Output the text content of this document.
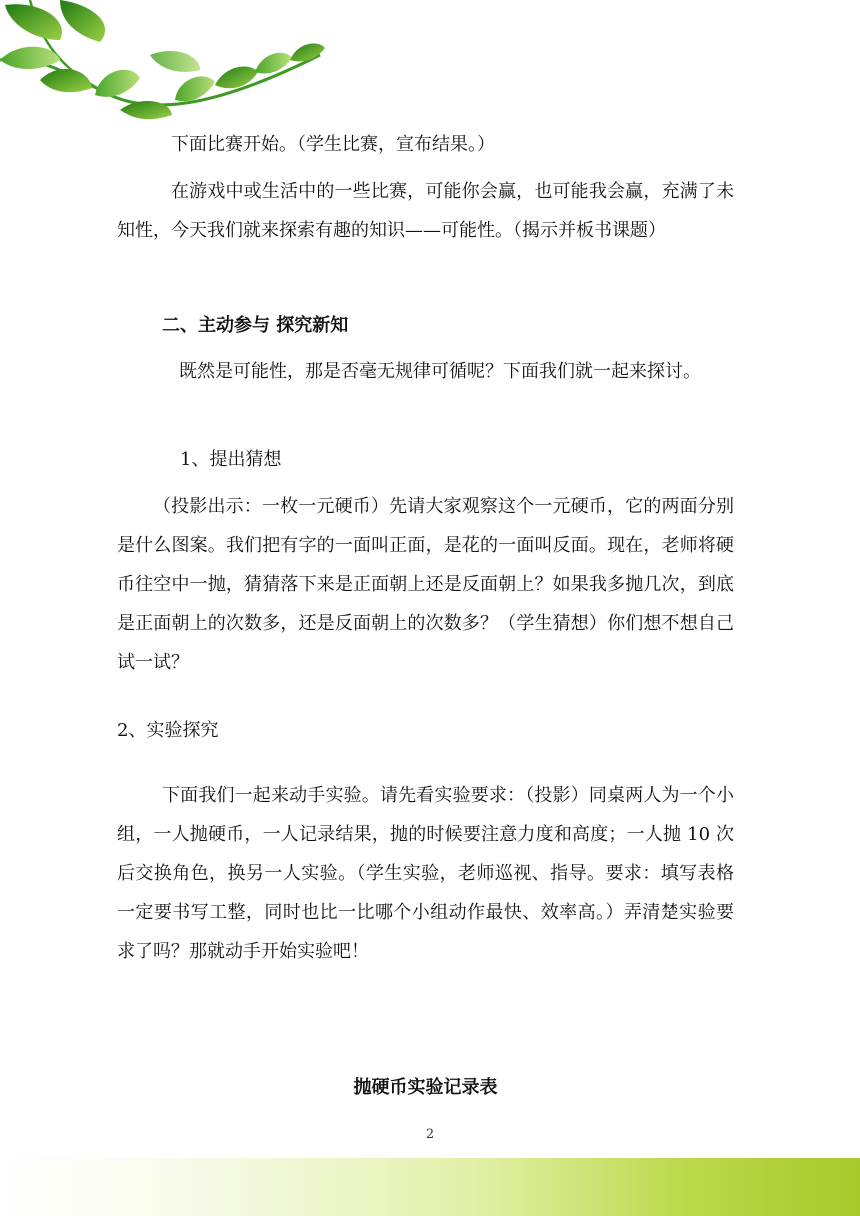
下面比赛开始。（学生比赛，宣布结果。）

在游戏中或生活中的一些比赛，可能你会赢，也可能我会赢，充满了未知性，今天我们就来探索有趣的知识——可能性。（揭示并板书课题）

二、主动参与 探究新知

既然是可能性，那是否毫无规律可循呢？下面我们就一起来探讨。

1、提出猜想

（投影出示：一枚一元硬币）先请大家观察这个一元硬币，它的两面分别是什么图案。我们把有字的一面叫正面，是花的一面叫反面。现在，老师将硬币往空中一抛，猜猜落下来是正面朝上还是反面朝上？如果我多抛几次，到底是正面朝上的次数多，还是反面朝上的次数多？（学生猜想）你们想不想自己试一试？

2、实验探究

下面我们一起来动手实验。请先看实验要求：（投影）同桌两人为一个小组，一人抛硬币，一人记录结果，抛的时候要注意力度和高度；一人抛 10 次后交换角色，换另一人实验。（学生实验，老师巡视、指导。要求：填写表格一定要书写工整，同时也比一比哪个小组动作最快、效率高。）弄清楚实验要求了吗？那就动手开始实验吧！

抛硬币实验记录表

2
